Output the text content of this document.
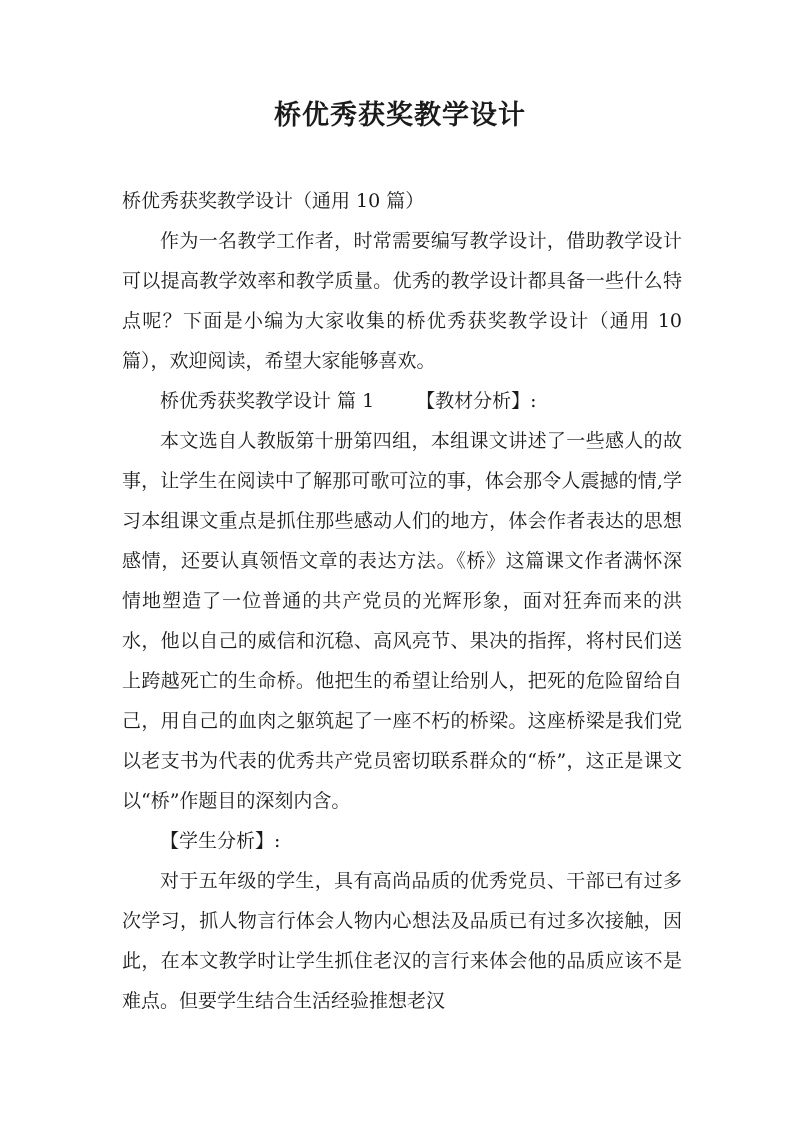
桥优秀获奖教学设计

桥优秀获奖教学设计（通用 10 篇）

作为一名教学工作者，时常需要编写教学设计，借助教学设计可以提高教学效率和教学质量。优秀的教学设计都具备一些什么特点呢？下面是小编为大家收集的桥优秀获奖教学设计（通用 10 篇），欢迎阅读，希望大家能够喜欢。

桥优秀获奖教学设计 篇 1 【教材分析】:

本文选自人教版第十册第四组，本组课文讲述了一些感人的故事，让学生在阅读中了解那可歌可泣的事，体会那令人震撼的情,学习本组课文重点是抓住那些感动人们的地方，体会作者表达的思想感情，还要认真领悟文章的表达方法。《桥》这篇课文作者满怀深情地塑造了一位普通的共产党员的光辉形象，面对狂奔而来的洪水，他以自己的威信和沉稳、高风亮节、果决的指挥，将村民们送上跨越死亡的生命桥。他把生的希望让给别人，把死的危险留给自己，用自己的血肉之躯筑起了一座不朽的桥梁。这座桥梁是我们党以老支书为代表的优秀共产党员密切联系群众的“桥”，这正是课文以“桥”作题目的深刻内含。

【学生分析】:

对于五年级的学生，具有高尚品质的优秀党员、干部已有过多次学习，抓人物言行体会人物内心想法及品质已有过多次接触，因此，在本文教学时让学生抓住老汉的言行来体会他的品质应该不是难点。但要学生结合生活经验推想老汉
